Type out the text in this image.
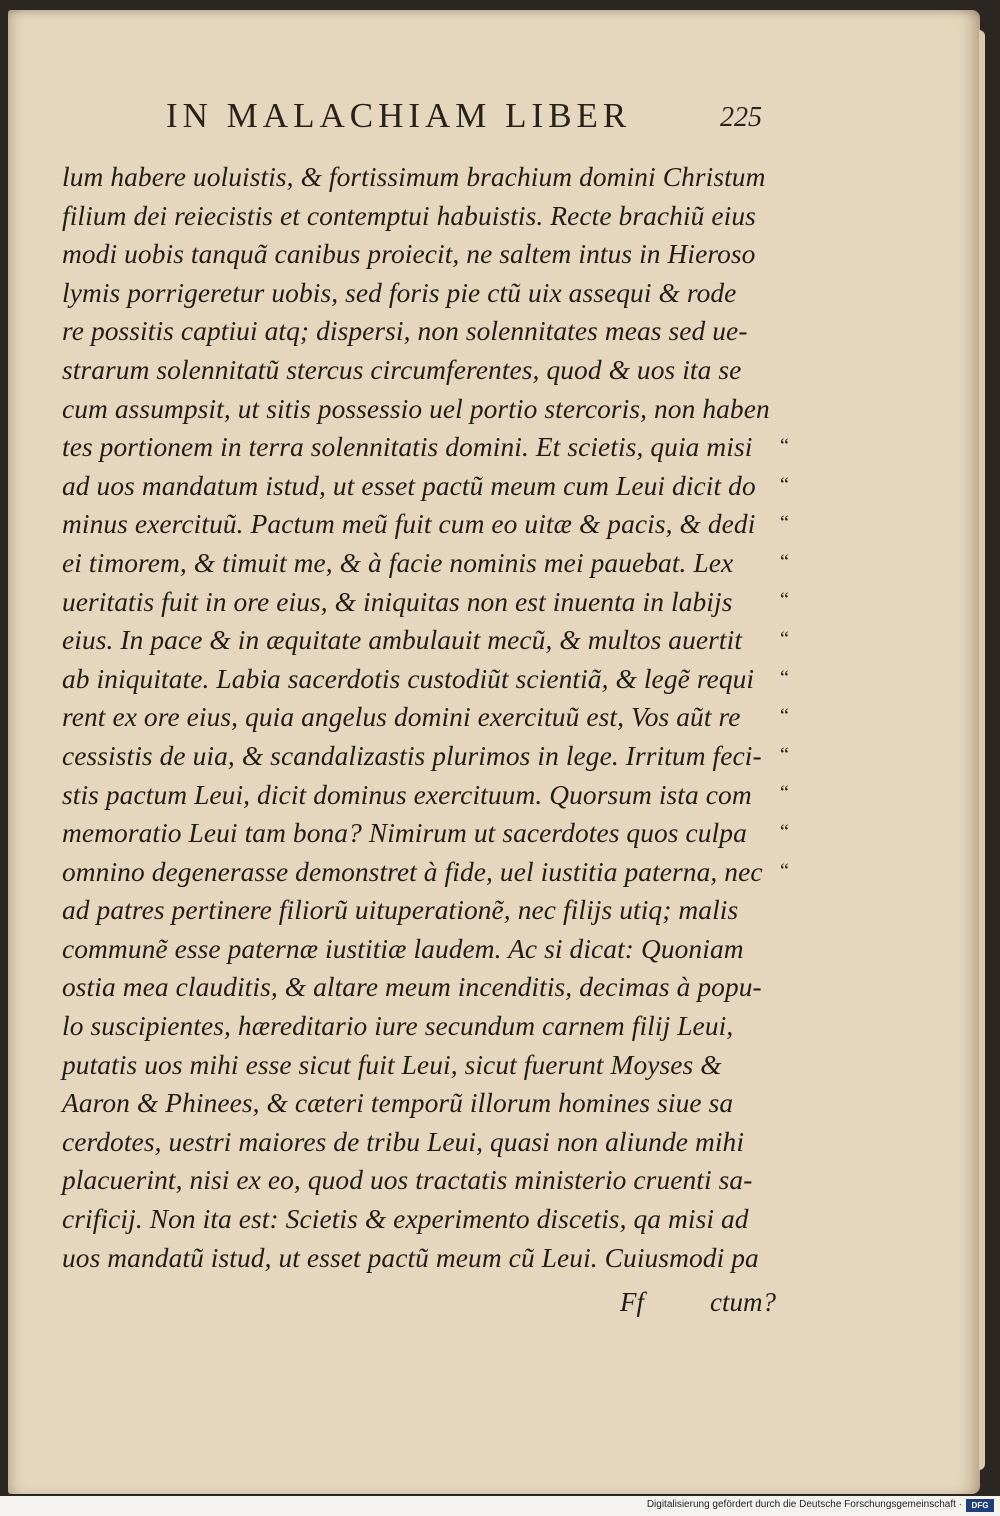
IN MALACHIAM LIBER	225
lum habere uoluistis, & fortissimum brachium domini Christum
filium dei reiecistis et contemptui habuistis. Recte brachiũ eius
modi uobis tanquã canibus proiecit, ne saltem intus in Hieroso
lymis porrigeretur uobis, sed foris pie ctũ uix assequi & rode
re possitis captiui atq; dispersi, non solennitates meas sed ue-
strarum solennitatũ stercus circumferentes, quod & uos ita se
cum assumpsit, ut sitis possessio uel portio stercoris, non haben
tes portionem in terra solennitatis domini. Et scietis, quia misi
ad uos mandatum istud, ut esset pactũ meum cum Leui dicit do
minus exercituũ. Pactum meũ fuit cum eo uitæ & pacis, & dedi
ei timorem, & timuit me, & à facie nominis mei pauebat. Lex
ueritatis fuit in ore eius, & iniquitas non est inuenta in labijs
eius. In pace & in æquitate ambulauit mecũ, & multos auertit
ab iniquitate. Labia sacerdotis custodiũt scientiã, & legẽ requi
rent ex ore eius, quia angelus domini exercituũ est, Vos aũt re
cessistis de uia, & scandalizastis plurimos in lege. Irritum feci-
stis pactum Leui, dicit dominus exercituum. Quorsum ista com
memoratio Leui tam bona? Nimirum ut sacerdotes quos culpa
omnino degenerasse demonstret à fide, uel iustitia paterna, nec
ad patres pertinere filiorũ uituperationẽ, nec filijs utiq; malis
communẽ esse paternæ iustitiæ laudem. Ac si dicat: Quoniam
ostia mea clauditis, & altare meum incenditis, decimas à popu-
lo suscipientes, hæreditario iure secundum carnem filij Leui,
putatis uos mihi esse sicut fuit Leui, sicut fuerunt Moyses &
Aaron & Phinees, & cæteri temporũ illorum homines siue sa
cerdotes, uestri maiores de tribu Leui, quasi non aliunde mihi
placuerint, nisi ex eo, quod uos tractatis ministerio cruenti sa-
crificij. Non ita est: Scietis & experimento discetis, qa misi ad
uos mandatũ istud, ut esset pactũ meum cũ Leui. Cuiusmodi pa
“
“
“
“
“
“
“
“
“
“
“
“
Ff ctum?
Digitalisierung gefördert durch die Deutsche Forschungsgemeinschaft ·	DFG
